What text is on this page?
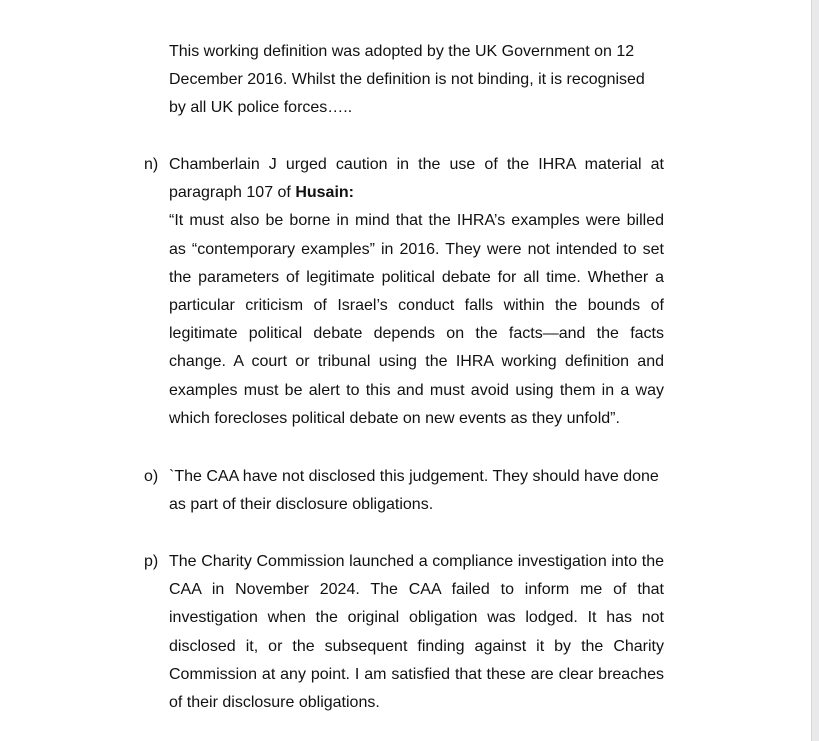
This working definition was adopted by the UK Government on 12 December 2016. Whilst the definition is not binding, it is recognised by all UK police forces…..

n) Chamberlain J urged caution in the use of the IHRA material at paragraph 107 of Husain:

“It must also be borne in mind that the IHRA’s examples were billed as “contemporary examples” in 2016. They were not intended to set the parameters of legitimate political debate for all time. Whether a particular criticism of Israel’s conduct falls within the bounds of legitimate political debate depends on the facts—and the facts change. A court or tribunal using the IHRA working definition and examples must be alert to this and must avoid using them in a way which forecloses political debate on new events as they unfold”.

o) `The CAA have not disclosed this judgement. They should have done as part of their disclosure obligations.

p) The Charity Commission launched a compliance investigation into the CAA in November 2024. The CAA failed to inform me of that investigation when the original obligation was lodged. It has not disclosed it, or the subsequent finding against it by the Charity Commission at any point. I am satisfied that these are clear breaches of their disclosure obligations.
